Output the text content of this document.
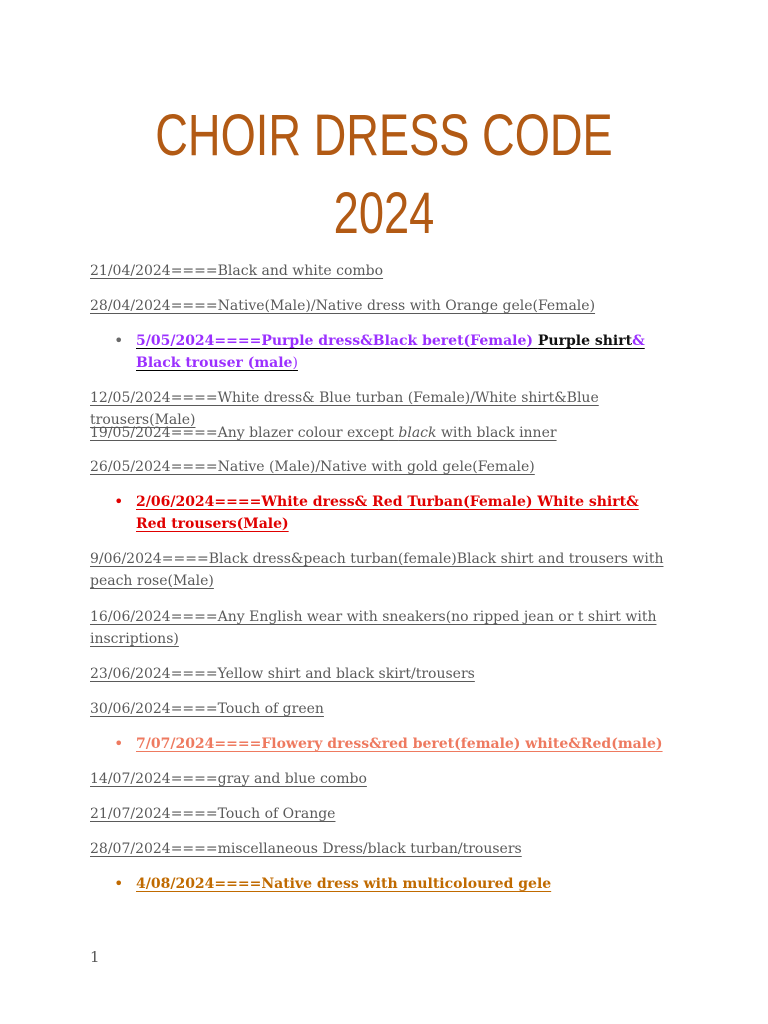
CHOIR DRESS CODE
2024

21/04/2024====Black and white combo

28/04/2024====Native(Male)/Native dress with Orange gele(Female)

• 5/05/2024====Purple dress&Black beret(Female) Purple shirt& Black trouser (male)

12/05/2024====White dress& Blue turban (Female)/White shirt&Blue trousers(Male)

19/05/2024====Any blazer colour except black with black inner

26/05/2024====Native (Male)/Native with gold gele(Female)

• 2/06/2024====White dress& Red Turban(Female) White shirt& Red trousers(Male)

9/06/2024====Black dress&peach turban(female)Black shirt and trousers with peach rose(Male)

16/06/2024====Any English wear with sneakers(no ripped jean or t shirt with inscriptions)

23/06/2024====Yellow shirt and black skirt/trousers

30/06/2024====Touch of green

• 7/07/2024====Flowery dress&red beret(female) white&Red(male)

14/07/2024====gray and blue combo

21/07/2024====Touch of Orange

28/07/2024====miscellaneous Dress/black turban/trousers

• 4/08/2024====Native dress with multicoloured gele
1
